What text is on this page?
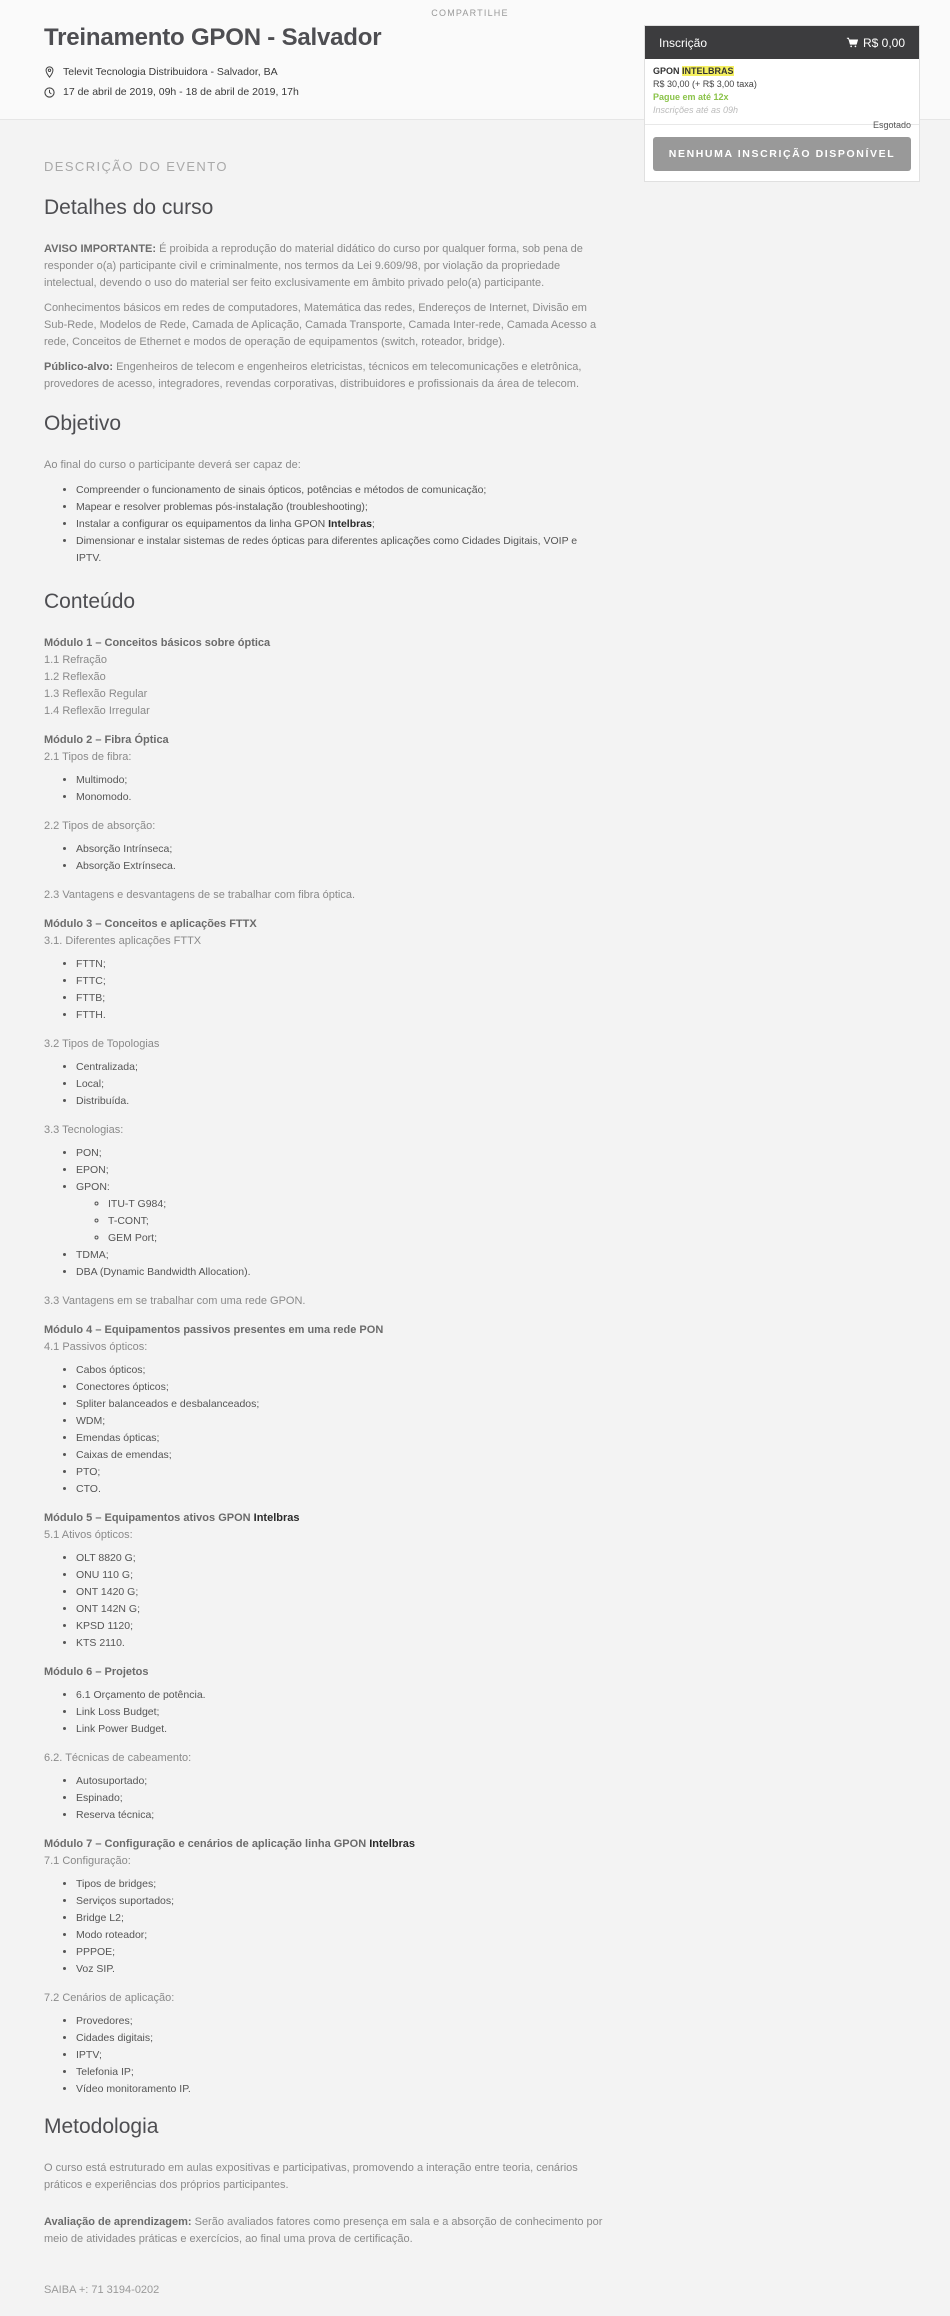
COMPARTILHE
Treinamento GPON - Salvador
Televit Tecnologia Distribuidora - Salvador, BA
17 de abril de 2019, 09h - 18 de abril de 2019, 17h
Inscrição	R$ 0,00
GPON INTELBRAS
R$ 30,00 (+ R$ 3,00 taxa)
Pague em até 12x
Inscrições até as 09h
Esgotado
NENHUMA INSCRIÇÃO DISPONÍVEL
DESCRIÇÃO DO EVENTO
Detalhes do curso

AVISO IMPORTANTE: É proibida a reprodução do material didático do curso por qualquer forma, sob pena de responder o(a) participante civil e criminalmente, nos termos da Lei 9.609/98, por violação da propriedade intelectual, devendo o uso do material ser feito exclusivamente em âmbito privado pelo(a) participante.

Conhecimentos básicos em redes de computadores, Matemática das redes, Endereços de Internet, Divisão em Sub-Rede, Modelos de Rede, Camada de Aplicação, Camada Transporte, Camada Inter-rede, Camada Acesso a rede, Conceitos de Ethernet e modos de operação de equipamentos (switch, roteador, bridge).

Público-alvo: Engenheiros de telecom e engenheiros eletricistas, técnicos em telecomunicações e eletrônica, provedores de acesso, integradores, revendas corporativas, distribuidores e profissionais da área de telecom.

Objetivo

Ao final do curso o participante deverá ser capaz de:

• Compreender o funcionamento de sinais ópticos, potências e métodos de comunicação;
• Mapear e resolver problemas pós-instalação (troubleshooting);
• Instalar a configurar os equipamentos da linha GPON Intelbras;
• Dimensionar e instalar sistemas de redes ópticas para diferentes aplicações como Cidades Digitais, VOIP e IPTV.
Conteúdo
Módulo 1 – Conceitos básicos sobre óptica
1.1 Refração
1.2 Reflexão
1.3 Reflexão Regular
1.4 Reflexão Irregular
Módulo 2 – Fibra Óptica
2.1 Tipos de fibra:
• Multimodo;
• Monomodo.
2.2 Tipos de absorção:
• Absorção Intrínseca;
• Absorção Extrínseca.
2.3 Vantagens e desvantagens de se trabalhar com fibra óptica.
Módulo 3 – Conceitos e aplicações FTTX
3.1. Diferentes aplicações FTTX
• FTTN;
• FTTC;
• FTTB;
• FTTH.
3.2 Tipos de Topologias
• Centralizada;
• Local;
• Distribuída.
3.3 Tecnologias:
• PON;
• EPON;
• GPON:
◦ ITU-T G984;
◦ T-CONT;
◦ GEM Port;
• TDMA;
• DBA (Dynamic Bandwidth Allocation).
3.3 Vantagens em se trabalhar com uma rede GPON.
Módulo 4 – Equipamentos passivos presentes em uma rede PON
4.1 Passivos ópticos:
• Cabos ópticos;
• Conectores ópticos;
• Spliter balanceados e desbalanceados;
• WDM;
• Emendas ópticas;
• Caixas de emendas;
• PTO;
• CTO.
Módulo 5 – Equipamentos ativos GPON Intelbras
5.1 Ativos ópticos:
• OLT 8820 G;
• ONU 110 G;
• ONT 1420 G;
• ONT 142N G;
• KPSD 1120;
• KTS 2110.
Módulo 6 – Projetos
• 6.1 Orçamento de potência.
• Link Loss Budget;
• Link Power Budget.
6.2. Técnicas de cabeamento:
• Autosuportado;
• Espinado;
• Reserva técnica;
Módulo 7 – Configuração e cenários de aplicação linha GPON Intelbras
7.1 Configuração:
• Tipos de bridges;
• Serviços suportados;
• Bridge L2;
• Modo roteador;
• PPPOE;
• Voz SIP.
7.2 Cenários de aplicação:
• Provedores;
• Cidades digitais;
• IPTV;
• Telefonia IP;
• Vídeo monitoramento IP.
Metodologia

O curso está estruturado em aulas expositivas e participativas, promovendo a interação entre teoria, cenários práticos e experiências dos próprios participantes.

Avaliação de aprendizagem: Serão avaliados fatores como presença em sala e a absorção de conhecimento por meio de atividades práticas e exercícios, ao final uma prova de certificação.

SAIBA +: 71 3194-0202
